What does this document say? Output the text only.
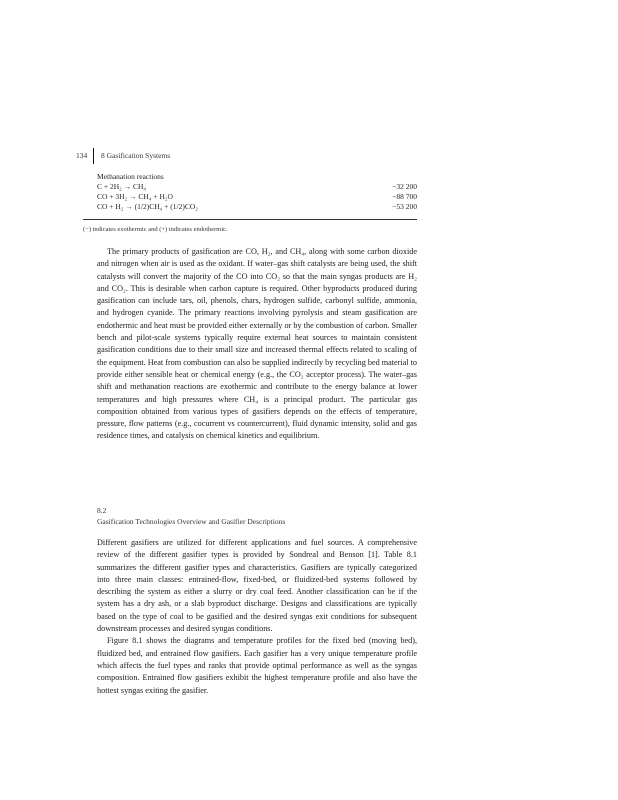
134 8 Gasification Systems
Methanation reactions
C + 2H₂ → CH₄	−32 200
CO + 3H₂ → CH₄ + H₂O	−88 700
CO + H₂ → (1/2)CH₄ + (1/2)CO₂	−53 200
(−) indicates exothermic and (+) indicates endothermic.

The primary products of gasification are CO, H₂, and CH₄, along with some carbon dioxide and nitrogen when air is used as the oxidant. If water–gas shift catalysts are being used, the shift catalysts will convert the majority of the CO into CO₂ so that the main syngas products are H₂ and CO₂. This is desirable when carbon capture is required. Other byproducts produced during gasification can include tars, oil, phenols, chars, hydrogen sulfide, carbonyl sulfide, ammonia, and hydrogen cyanide. The primary reactions involving pyrolysis and steam gasification are endothermic and heat must be provided either externally or by the combustion of carbon. Smaller bench and pilot-scale systems typically require external heat sources to maintain consistent gasification conditions due to their small size and increased thermal effects related to scaling of the equipment. Heat from combustion can also be supplied indirectly by recycling bed material to provide either sensible heat or chemical energy (e.g., the CO₂ acceptor process). The water–gas shift and methanation reactions are exothermic and contribute to the energy balance at lower temperatures and high pressures where CH₄ is a principal product. The particular gas composition obtained from various types of gasifiers depends on the effects of temperature, pressure, flow patterns (e.g., cocurrent vs countercurrent), fluid dynamic intensity, solid and gas residence times, and catalysis on chemical kinetics and equilibrium.

8.2
Gasification Technologies Overview and Gasifier Descriptions

Different gasifiers are utilized for different applications and fuel sources. A comprehensive review of the different gasifier types is provided by Sondreal and Benson [1]. Table 8.1 summarizes the different gasifier types and characteristics. Gasifiers are typically categorized into three main classes: entrained-flow, fixed-bed, or fluidized-bed systems followed by describing the system as either a slurry or dry coal feed. Another classification can be if the system has a dry ash, or a slab byproduct discharge. Designs and classifications are typically based on the type of coal to be gasified and the desired syngas exit conditions for subsequent downstream processes and desired syngas conditions.

Figure 8.1 shows the diagrams and temperature profiles for the fixed bed (moving bed), fluidized bed, and entrained flow gasifiers. Each gasifier has a very unique temperature profile which affects the fuel types and ranks that provide optimal performance as well as the syngas composition. Entrained flow gasifiers exhibit the highest temperature profile and also have the hottest syngas exiting the gasifier.
